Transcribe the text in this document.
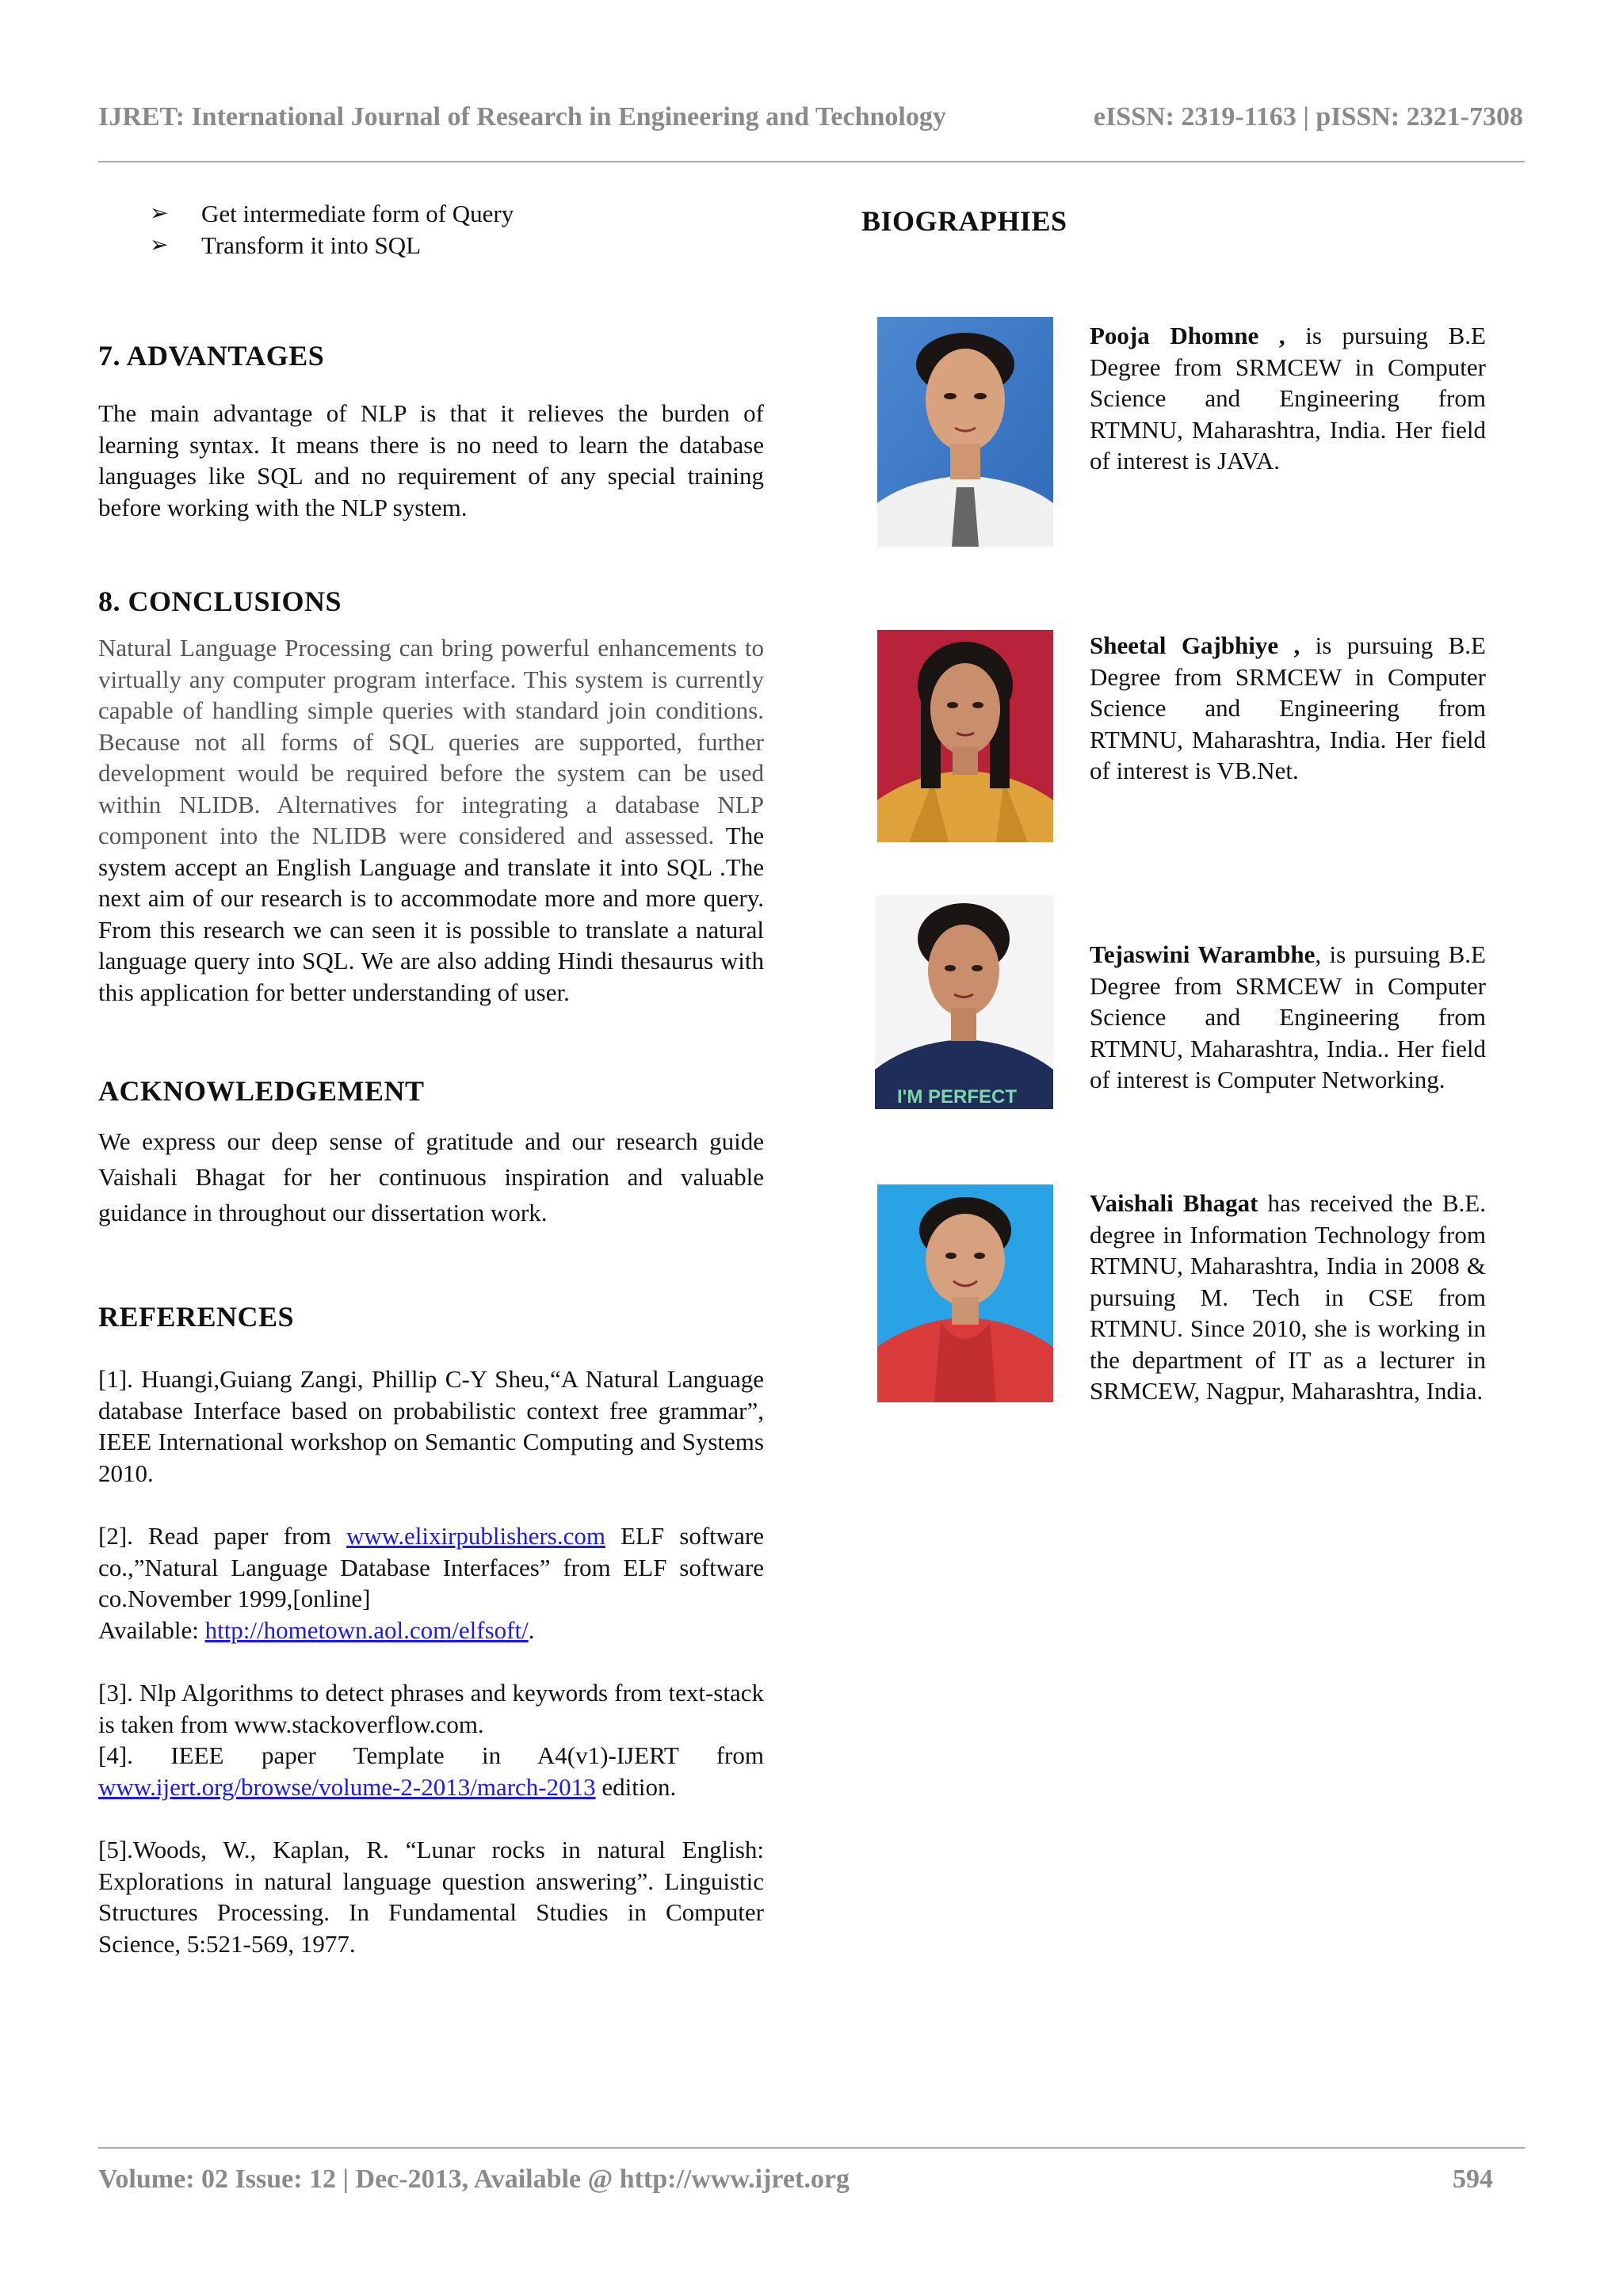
IJRET: International Journal of Research in Engineering and Technology	eISSN: 2319-1163 | pISSN: 2321-7308
➢	Get intermediate form of Query
➢	Transform it into SQL
7. ADVANTAGES

The main advantage of NLP is that it relieves the burden of learning syntax. It means there is no need to learn the database languages like SQL and no requirement of any special training before working with the NLP system.

8. CONCLUSIONS

Natural Language Processing can bring powerful enhancements to virtually any computer program interface. This system is currently capable of handling simple queries with standard join conditions. Because not all forms of SQL queries are supported, further development would be required before the system can be used within NLIDB. Alternatives for integrating a database NLP component into the NLIDB were considered and assessed. The system accept an English Language and translate it into SQL .The next aim of our research is to accommodate more and more query. From this research we can seen it is possible to translate a natural language query into SQL. We are also adding Hindi thesaurus with this application for better understanding of user.

ACKNOWLEDGEMENT

We express our deep sense of gratitude and our research guide Vaishali Bhagat for her continuous inspiration and valuable guidance in throughout our dissertation work.

REFERENCES

[1]. Huangi,Guiang Zangi, Phillip C-Y Sheu,“A Natural Language database Interface based on probabilistic context free grammar”, IEEE International workshop on Semantic Computing and Systems 2010.

[2]. Read paper from www.elixirpublishers.com ELF software co.,”Natural Language Database Interfaces” from ELF software co.November 1999,[online]
Available: http://hometown.aol.com/elfsoft/.

[3]. Nlp Algorithms to detect phrases and keywords from text-stack is taken from www.stackoverflow.com.

[4]. IEEE paper Template in A4(v1)-IJERT from www.ijert.org/browse/volume-2-2013/march-2013 edition.

[5].Woods, W., Kaplan, R. “Lunar rocks in natural English: Explorations in natural language question answering”. Linguistic Structures Processing. In Fundamental Studies in Computer Science, 5:521-569, 1977.

BIOGRAPHIES
Pooja Dhomne , is pursuing B.E Degree from SRMCEW in Computer Science and Engineering from RTMNU, Maharashtra, India. Her field of interest is JAVA.
Sheetal Gajbhiye , is pursuing B.E Degree from SRMCEW in Computer Science and Engineering from RTMNU, Maharashtra, India. Her field of interest is VB.Net.
I'M PERFECT
Tejaswini Warambhe, is pursuing B.E Degree from SRMCEW in Computer Science and Engineering from RTMNU, Maharashtra, India.. Her field of interest is Computer Networking.
Vaishali Bhagat has received the B.E. degree in Information Technology from RTMNU, Maharashtra, India in 2008 & pursuing M. Tech in CSE from RTMNU. Since 2010, she is working in the department of IT as a lecturer in SRMCEW, Nagpur, Maharashtra, India.
Volume: 02 Issue: 12 | Dec-2013, Available @ http://www.ijret.org	594
